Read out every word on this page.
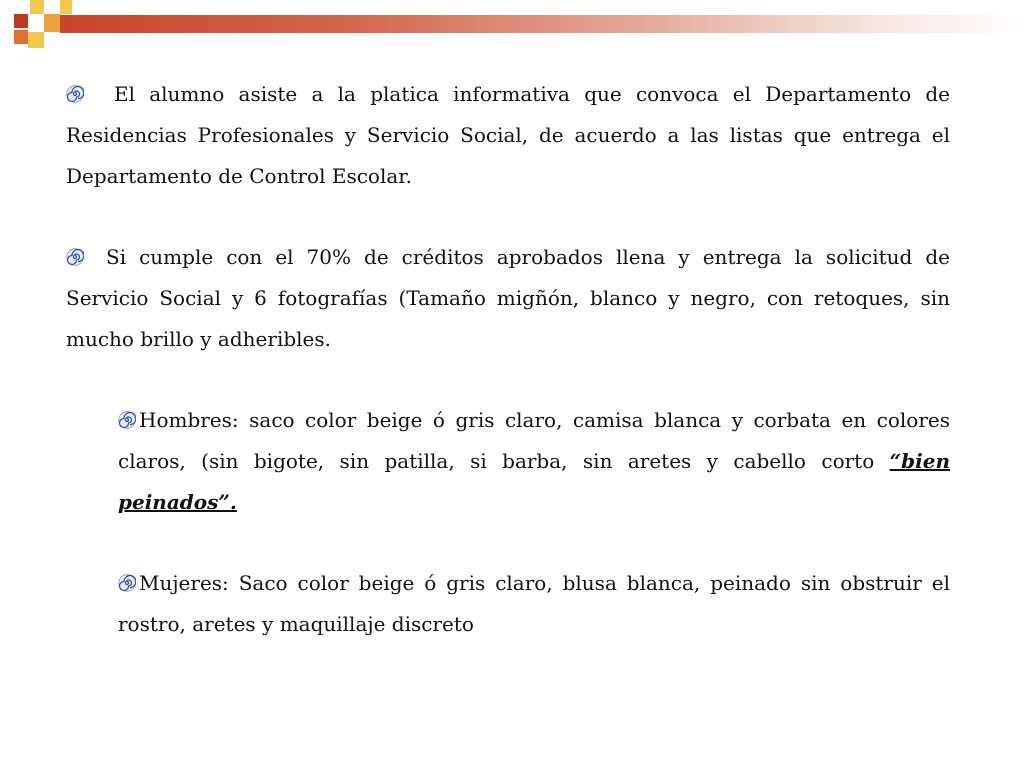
El alumno asiste a la platica informativa que convoca el Departamento de Residencias Profesionales y Servicio Social, de acuerdo a las listas que entrega el Departamento de Control Escolar.

Si cumple con el 70% de créditos aprobados llena y entrega la solicitud de Servicio Social y 6 fotografías (Tamaño migñón, blanco y negro, con retoques, sin mucho brillo y adheribles.

Hombres: saco color beige ó gris claro, camisa blanca y corbata en colores claros, (sin bigote, sin patilla, si barba, sin aretes y cabello corto “bien peinados”.

Mujeres: Saco color beige ó gris claro, blusa blanca, peinado sin obstruir el rostro, aretes y maquillaje discreto
